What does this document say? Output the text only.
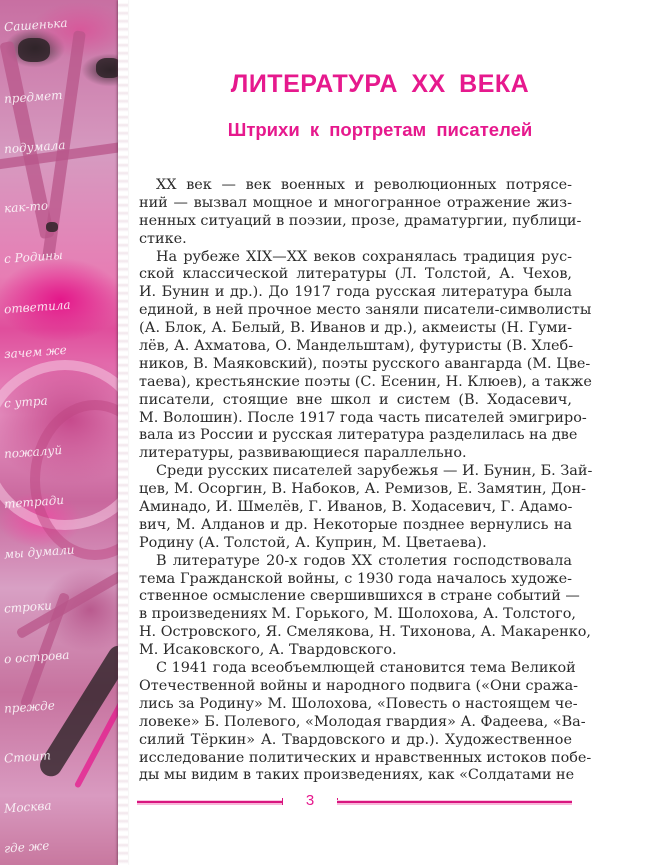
Сашенька
предмет
подумала
как-то
с Родины
ответила
зачем же
с утра
пожалуй
тетради
мы думали
строки
о острова
прежде
Стоит
Москва
где же
ЛИТЕРАТУРА XX ВЕКА
Штрихи к портретам писателей
XX век — век военных и революционных потрясе-
ний — вызвал мощное и многогранное отражение жиз-
ненных ситуаций в поэзии, прозе, драматургии, публици-
стике.
На рубеже XIX—XX веков сохранялась традиция рус-
ской классической литературы (Л. Толстой, А. Чехов,
И. Бунин и др.). До 1917 года русская литература была
единой, в ней прочное место заняли писатели-символисты
(А. Блок, А. Белый, В. Иванов и др.), акмеисты (Н. Гуми-
лёв, А. Ахматова, О. Мандельштам), футуристы (В. Хлеб-
ников, В. Маяковский), поэты русского авангарда (М. Цве-
таева), крестьянские поэты (С. Есенин, Н. Клюев), а также
писатели, стоящие вне школ и систем (В. Ходасевич,
М. Волошин). После 1917 года часть писателей эмигриро-
вала из России и русская литература разделилась на две
литературы, развивающиеся параллельно.
Среди русских писателей зарубежья — И. Бунин, Б. Зай-
цев, М. Осоргин, В. Набоков, А. Ремизов, Е. Замятин, Дон-
Аминадо, И. Шмелёв, Г. Иванов, В. Ходасевич, Г. Адамо-
вич, М. Алданов и др. Некоторые позднее вернулись на
Родину (А. Толстой, А. Куприн, М. Цветаева).
В литературе 20-х годов XX столетия господствовала
тема Гражданской войны, с 1930 года началось художе-
ственное осмысление свершившихся в стране событий —
в произведениях М. Горького, М. Шолохова, А. Толстого,
Н. Островского, Я. Смелякова, Н. Тихонова, А. Макаренко,
М. Исаковского, А. Твардовского.
С 1941 года всеобъемлющей становится тема Великой
Отечественной войны и народного подвига («Они сража-
лись за Родину» М. Шолохова, «Повесть о настоящем че-
ловеке» Б. Полевого, «Молодая гвардия» А. Фадеева, «Ва-
силий Тёркин» А. Твардовского и др.). Художественное
исследование политических и нравственных истоков побе-
ды мы видим в таких произведениях, как «Солдатами не
3
